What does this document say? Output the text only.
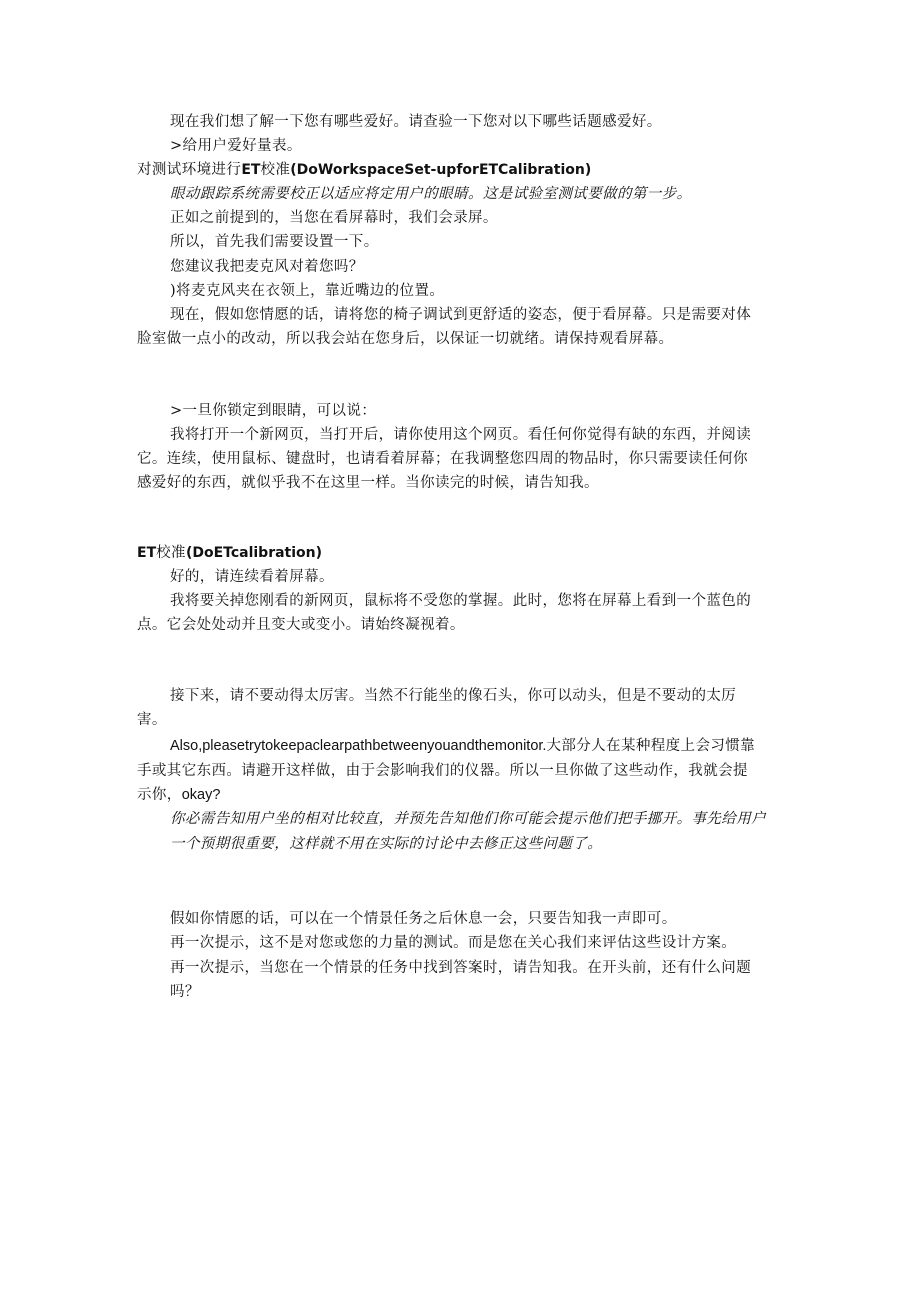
现在我们想了解一下您有哪些爱好。请查验一下您对以下哪些话题感爱好。
>给用户爱好量表。
对测试环境进行ET校准(DoWorkspaceSet-upforETCalibration)
眼动跟踪系统需要校正以适应将定用户的眼睛。这是试验室测试要做的第一步。
正如之前提到的，当您在看屏幕时，我们会录屏。
所以，首先我们需要设置一下。
您建议我把麦克风对着您吗？
)将麦克风夹在衣领上，靠近嘴边的位置。
现在，假如您情愿的话，请将您的椅子调试到更舒适的姿态，便于看屏幕。只是需要对体
脸室做一点小的改动，所以我会站在您身后，以保证一切就绪。请保持观看屏幕。
>一旦你锁定到眼睛，可以说：
我将打开一个新网页，当打开后，请你使用这个网页。看任何你觉得有缺的东西，并阅读
它。连续，使用鼠标、键盘时，也请看着屏幕；在我调整您四周的物品时，你只需要读任何你
感爱好的东西，就似乎我不在这里一样。当你读完的时候，请告知我。
ET校准(DoETcalibration)
好的，请连续看着屏幕。
我将要关掉您刚看的新网页，鼠标将不受您的掌握。此时，您将在屏幕上看到一个蓝色的
点。它会处处动并且变大或变小。请始终凝视着。
接下来，请不要动得太厉害。当然不行能坐的像石头，你可以动头，但是不要动的太厉
害。
Also,pleasetrytokeepaclearpathbetweenyouandthemonitor.大部分人在某种程度上会习惯靠
手或其它东西。请避开这样做，由于会影响我们的仪器。所以一旦你做了这些动作，我就会提
示你，okay?
你必需告知用户坐的相对比较直，并预先告知他们你可能会提示他们把手挪开。事先给用户
一个预期很重要，这样就不用在实际的讨论中去修正这些问题了。
假如你情愿的话，可以在一个情景任务之后休息一会，只要告知我一声即可。
再一次提示，这不是对您或您的力量的测试。而是您在关心我们来评估这些设计方案。
再一次提示，当您在一个情景的任务中找到答案时，请告知我。在开头前，还有什么问题
吗？
